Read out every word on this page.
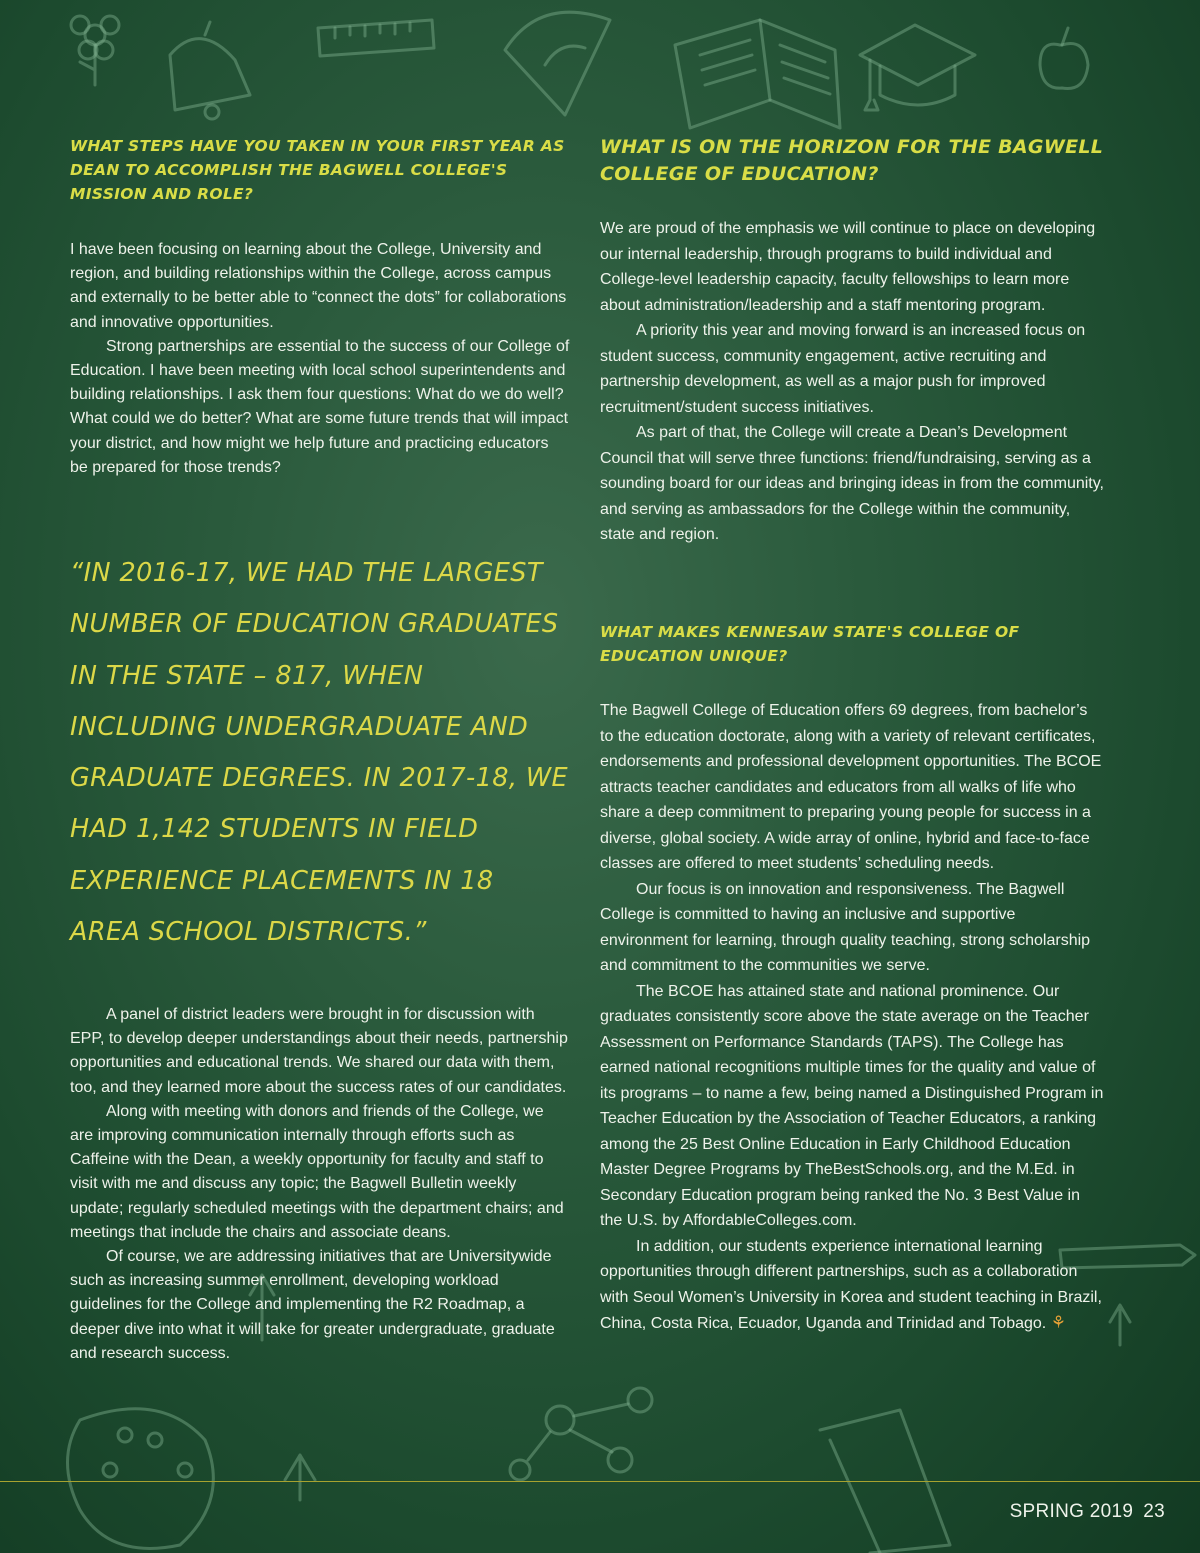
WHAT STEPS HAVE YOU TAKEN IN YOUR FIRST YEAR AS DEAN TO ACCOMPLISH THE BAGWELL COLLEGE'S MISSION AND ROLE?

I have been focusing on learning about the College, University and region, and building relationships within the College, across campus and externally to be better able to “connect the dots” for collaborations and innovative opportunities.

Strong partnerships are essential to the success of our College of Education. I have been meeting with local school superintendents and building relationships. I ask them four questions: What do we do well? What could we do better? What are some future trends that will impact your district, and how might we help future and practicing educators be prepared for those trends?

“IN 2016-17, WE HAD THE LARGEST NUMBER OF EDUCATION GRADUATES IN THE STATE – 817, WHEN INCLUDING UNDERGRADUATE AND GRADUATE DEGREES. IN 2017-18, WE HAD 1,142 STUDENTS IN FIELD EXPERIENCE PLACEMENTS IN 18 AREA SCHOOL DISTRICTS.”

A panel of district leaders were brought in for discussion with EPP, to develop deeper understandings about their needs, partnership opportunities and educational trends. We shared our data with them, too, and they learned more about the success rates of our candidates.

Along with meeting with donors and friends of the College, we are improving communication internally through efforts such as Caffeine with the Dean, a weekly opportunity for faculty and staff to visit with me and discuss any topic; the Bagwell Bulletin weekly update; regularly scheduled meetings with the department chairs; and meetings that include the chairs and associate deans.

Of course, we are addressing initiatives that are Universitywide such as increasing summer enrollment, developing workload guidelines for the College and implementing the R2 Roadmap, a deeper dive into what it will take for greater undergraduate, graduate and research success.

WHAT IS ON THE HORIZON FOR THE BAGWELL COLLEGE OF EDUCATION?

We are proud of the emphasis we will continue to place on developing our internal leadership, through programs to build individual and College-level leadership capacity, faculty fellowships to learn more about administration/leadership and a staff mentoring program.

A priority this year and moving forward is an increased focus on student success, community engagement, active recruiting and partnership development, as well as a major push for improved recruitment/student success initiatives.

As part of that, the College will create a Dean’s Development Council that will serve three functions: friend/fundraising, serving as a sounding board for our ideas and bringing ideas in from the community, and serving as ambassadors for the College within the community, state and region.

WHAT MAKES KENNESAW STATE'S COLLEGE OF EDUCATION UNIQUE?

The Bagwell College of Education offers 69 degrees, from bachelor’s to the education doctorate, along with a variety of relevant certificates, endorsements and professional development opportunities. The BCOE attracts teacher candidates and educators from all walks of life who share a deep commitment to preparing young people for success in a diverse, global society. A wide array of online, hybrid and face-to-face classes are offered to meet students’ scheduling needs.

Our focus is on innovation and responsiveness. The Bagwell College is committed to having an inclusive and supportive environment for learning, through quality teaching, strong scholarship and commitment to the communities we serve.

The BCOE has attained state and national prominence. Our graduates consistently score above the state average on the Teacher Assessment on Performance Standards (TAPS). The College has earned national recognitions multiple times for the quality and value of its programs – to name a few, being named a Distinguished Program in Teacher Education by the Association of Teacher Educators, a ranking among the 25 Best Online Education in Early Childhood Education Master Degree Programs by TheBestSchools.org, and the M.Ed. in Secondary Education program being ranked the No. 3 Best Value in the U.S. by AffordableColleges.com.

In addition, our students experience international learning opportunities through different partnerships, such as a collaboration with Seoul Women’s University in Korea and student teaching in Brazil, China, Costa Rica, Ecuador, Uganda and Trinidad and Tobago. ⚘

SPRING 2019 23
